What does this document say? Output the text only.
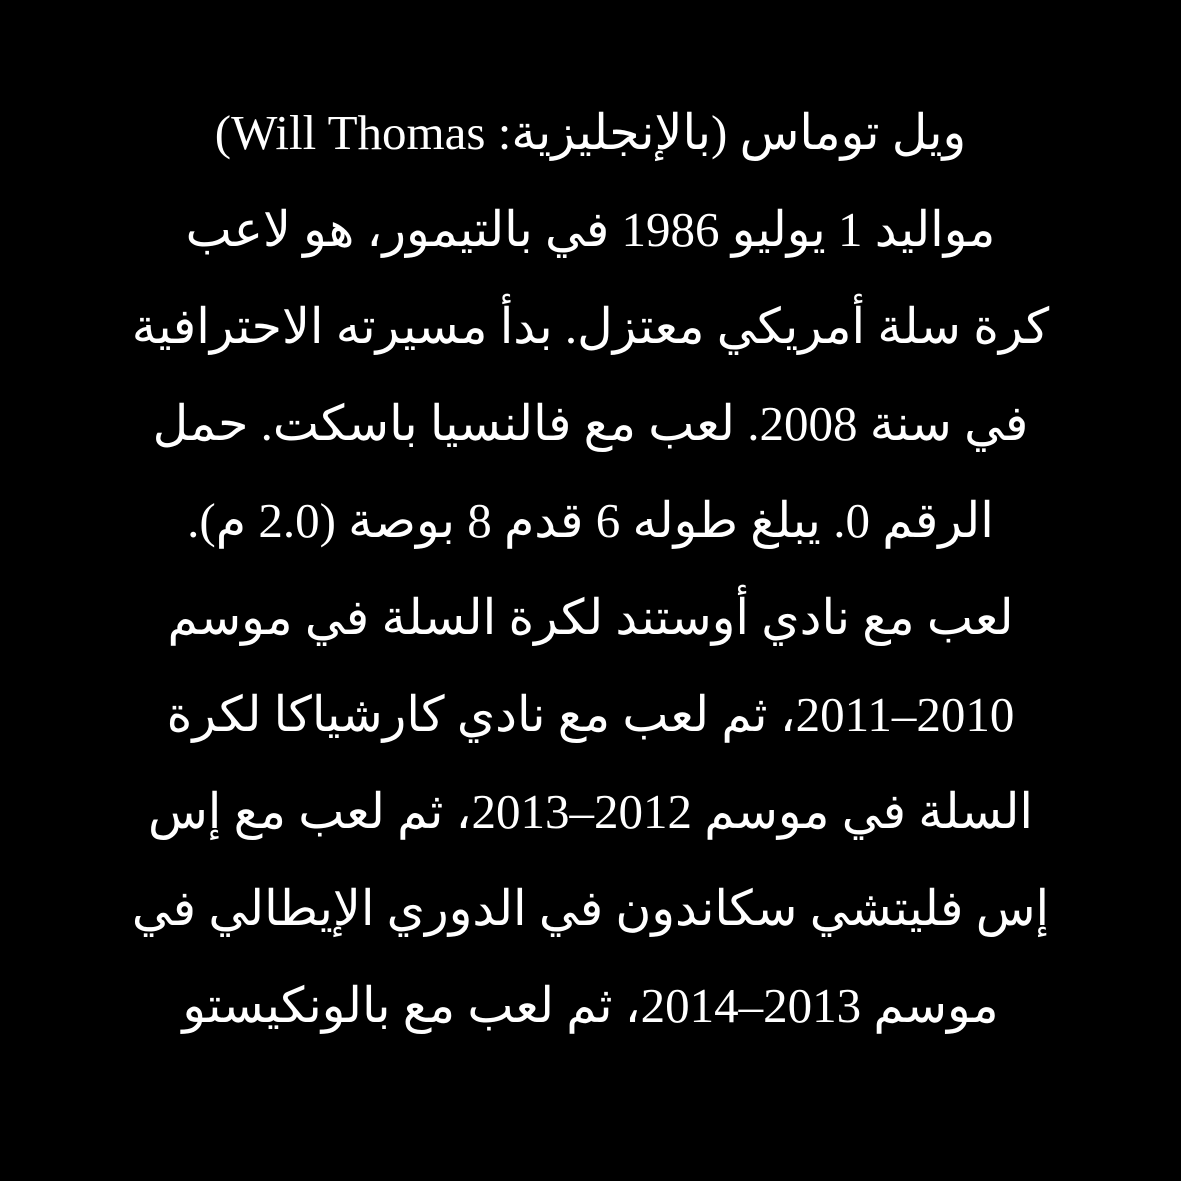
ويل توماس (بالإنجليزية: Will Thomas)
مواليد 1 يوليو 1986 في بالتيمور، هو لاعب
كرة سلة أمريكي معتزل. بدأ مسيرته الاحترافية
في سنة 2008. لعب مع فالنسيا باسكت. حمل
الرقم 0. يبلغ طوله 6 قدم 8 بوصة (2.0 م).
لعب مع نادي أوستند لكرة السلة في موسم
2010–2011، ثم لعب مع نادي كارشياكا لكرة
السلة في موسم 2012–2013، ثم لعب مع إس
إس فليتشي سكاندون في الدوري الإيطالي في
موسم 2013–2014، ثم لعب مع بالونكيستو
